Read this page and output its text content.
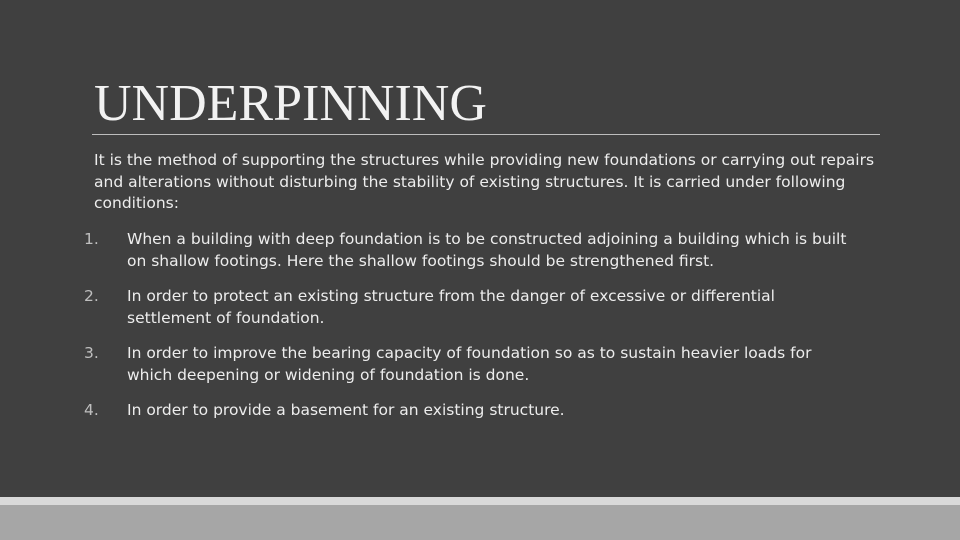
UNDERPINNING

It is the method of supporting the structures while providing new foundations or carrying out repairs and alterations without disturbing the stability of existing structures. It is carried under following conditions:

1.	When a building with deep foundation is to be constructed adjoining a building which is built on shallow footings. Here the shallow footings should be strengthened first.
2.	In order to protect an existing structure from the danger of excessive or differential settlement of foundation.
3.	In order to improve the bearing capacity of foundation so as to sustain heavier loads for which deepening or widening of foundation is done.
4.	In order to provide a basement for an existing structure.
